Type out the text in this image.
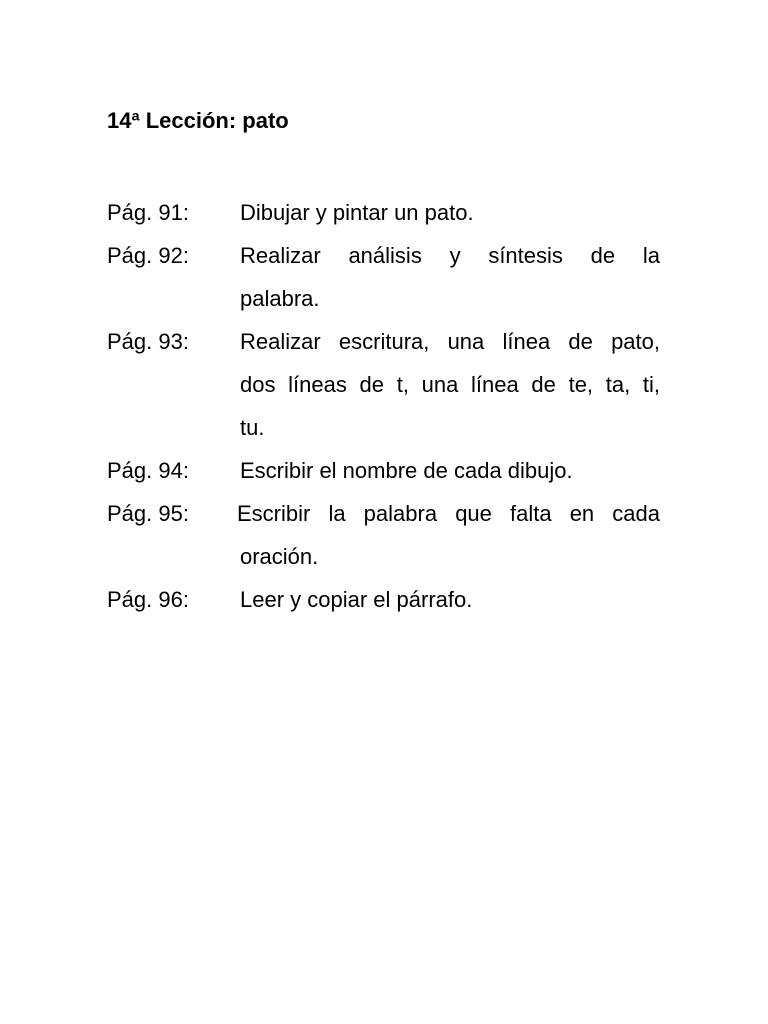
14ª Lección: pato
Pág. 91: Dibujar y pintar un pato.
Pág. 92: Realizar análisis y síntesis de la
palabra.
Pág. 93: Realizar escritura, una línea de pato,
dos líneas de t, una línea de te, ta, ti,
tu.
Pág. 94: Escribir el nombre de cada dibujo.
Pág. 95: Escribir la palabra que falta en cada
oración.
Pág. 96: Leer y copiar el párrafo.
